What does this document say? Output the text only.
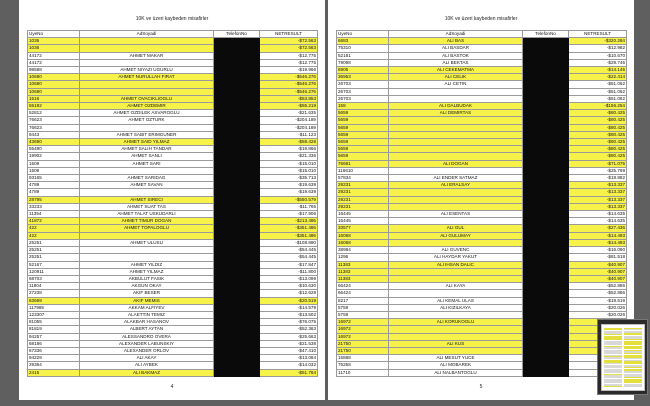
10K ve üzeri kaybeden misafirler
UyeNo	AdSoyadi	TelefonNo	NETRESULT
1036			-$72.563
1036			-$72.563
44172	AHMET MAKAR		-$12.775
44172			-$12.775
98588	AHMET NIYAZI UGURLU		-$19.966
10680	AHMET NURULLAH FIRAT		-$546.276
10680			-$546.276
10680			-$546.276
1516	AHMET OVACIKLIOGLU		-$53.853
55192	AHMET OZDEMIR		-$55.219
52812	AHMET OZDILEK ASVAROGLU		-$21.635
76623	AHMET OZTURK		-$204.189
76623			-$204.189
9443	AHMET SABIT ERIMGUNER		-$11.123
43690	AHMET SAID YILMAZ		-$59.428
55490	AHMET SALIH TANDAR		-$19.866
19902	AHMET SANLI		-$21.336
1509	AHMET SARI		-$15.010
1509			-$15.010
93165	AHMET SARIDAG		-$35.713
4789	AHMET SAVAN		-$19.639
4789			-$19.639
28795	AHMET SIRECI		-$550.579
33233	AHMET SUAT TAS		-$11.765
11354	AHMET TALAT USKUDARLI		-$17.906
41872	AHMET TIMUR DOGAN		-$213.486
422	AHMET TOPALOGLU		-$351.486
422			-$351.486
25251	AHMET ULUSU		-$108.890
25251			-$54.445
25251			-$54.445
52167	AHMET YILDIZ		-$17.847
120911	AHMET YILMAZ		-$11.800
68703	AKBULUT FASIK		-$13.099
11804	AKGUN OKAY		-$10.630
27238	AKIF BESER		-$12.628
63669	AKIF MEMIS		-$20.519
117985	AKKAM ALFIYEV		-$14.579
123307	ALAETTIN TEMIZ		-$13.502
81055	ALAKBAR HASANOV		-$76.075
81819	ALBERT AYTAN		-$52.363
94257	ALESSANDRO OVERA		-$25.663
68186	ALEXANDER LABUNSKIY		-$21.538
67336	ALEXANDER ORLOV		-$47.410
94229	ALI AKAY		-$13.084
29364	ALI AYBEK		-$14.032
2415	ALI BAKMAZ		-$51.784
4
10K ve üzeri kaybeden misafirler
UyeNo	AdSoyadi	TelefonNo	NETRESULT
6683	ALI BAS		-$320.284
75310	ALI BASDAR		-$12.982
52181	ALI BASTOK		-$10.670
79098	ALI BEKTAS		-$29.745
6905	ALI CEKEMATMA		-$14.145
36953	ALI CELIK		-$22.414
26703	ALI CETIN		-$51.062
26703			-$51.062
26703			-$51.062
158	ALI DALBUDAK		-$156.254
5659	ALI DEMIRTAS		-$80.425
5659			-$80.425
5659			-$80.425
5659			-$80.425
5659			-$80.425
5659			-$80.425
5659			-$80.425
76681	ALI DOGAN		-$71.075
116610			-$25.769
57834	ALI ENDER SATMAZ		-$18.882
29231	ALI ERALSAY		-$13.337
29231			-$13.337
29231			-$13.337
29231			-$13.337
16445	ALI ESENTAS		-$14.635
16445			-$14.635
33577	ALI GUL		-$27.436
16068	ALI GULUMAY		-$14.493
16068			-$14.493
38984	ALI GUVENC		-$16.090
1296	ALI HAYDAR YAKUT		-$81.518
11383	ALI IHSAN DALIC		-$40.907
11383			-$40.907
11383			-$40.907
66424	ALI KAYA		-$52.886
66424			-$52.886
8217	ALI KEMAL ULAS		-$19.519
5759	ALI KIZILKAYA		-$20.026
5759			-$20.026
16972	ALI KORUKOGLU		
16972			
16972			
21750	ALI KUS		
21750			
15868	ALI MESUT YUCE		
76258	ALI MOBAREK		
11710	ALI NALBANTOGLU		
5
